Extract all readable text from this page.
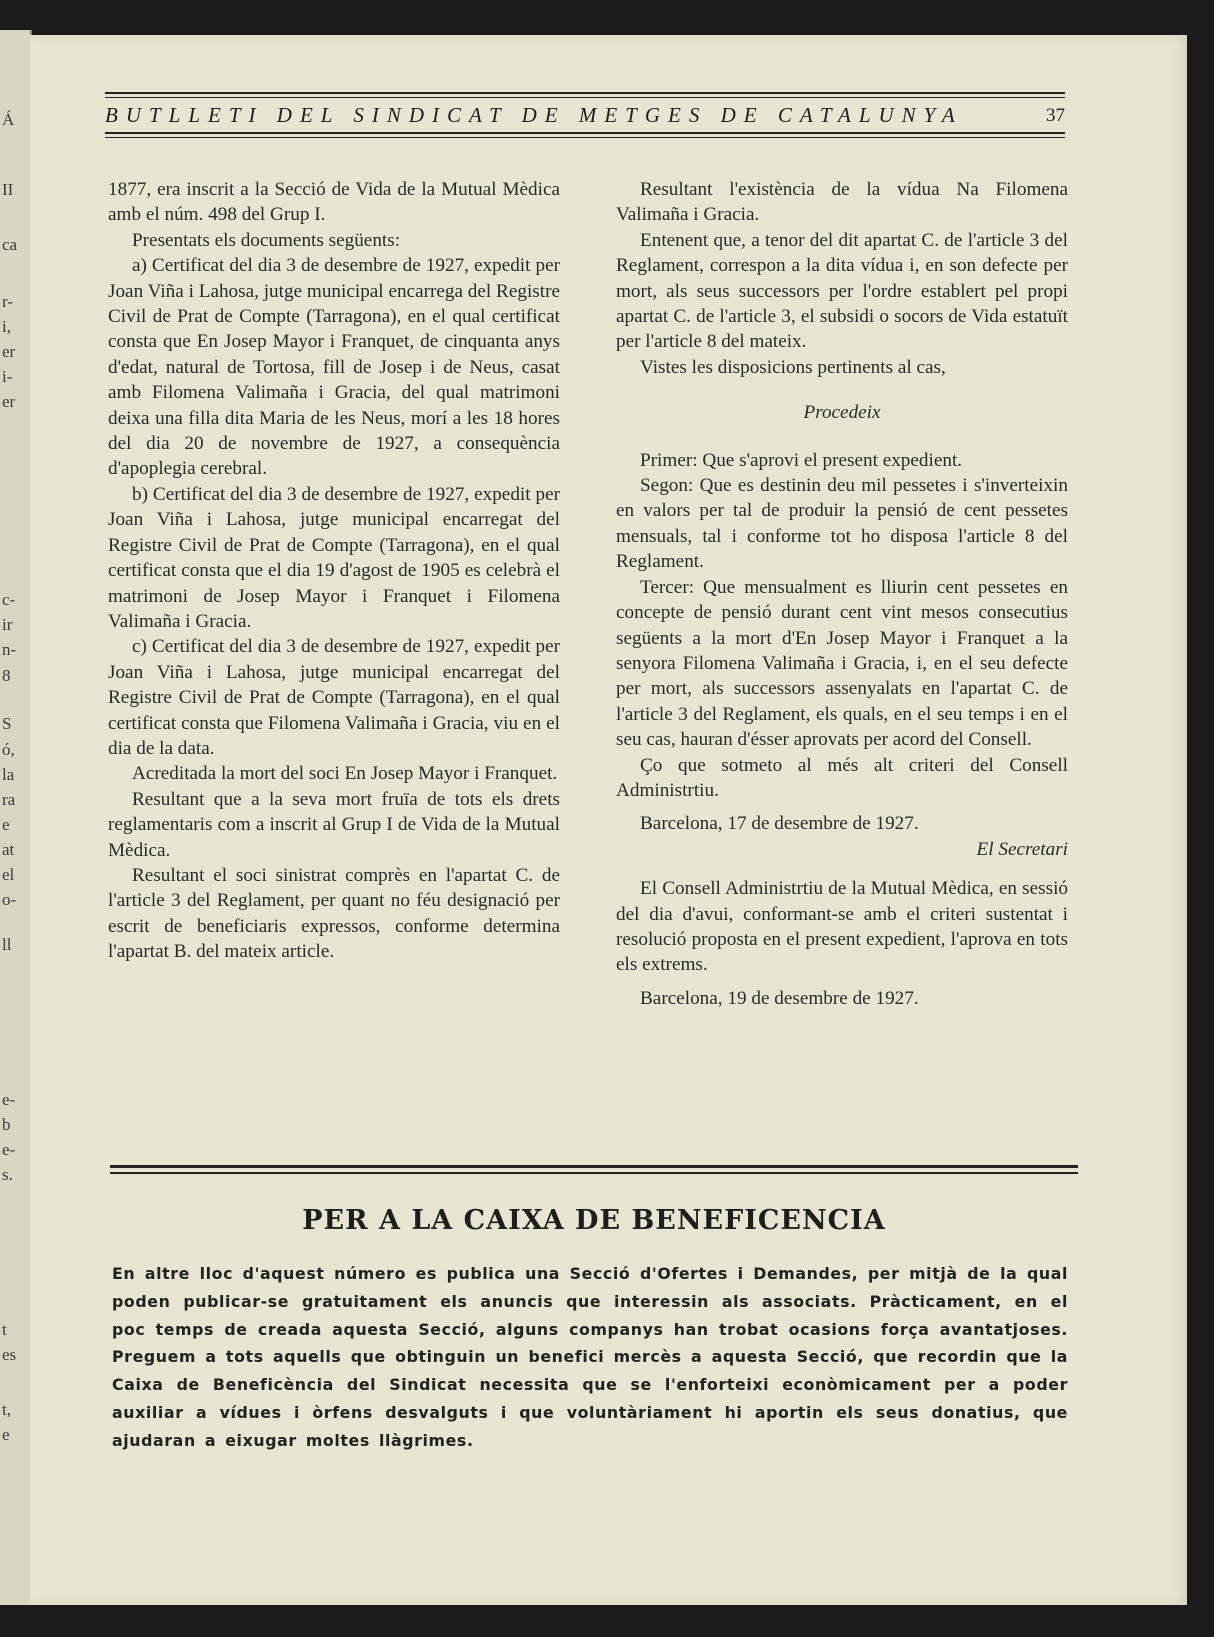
Á
II
ca
r-
i,
er
i-
er
c-
ir
n-
8
S
ó,
la
ra
e
at
el
o-
ll
e-
b
e-
s.
t
es
t,
e
BUTLLETI DEL SINDICAT DE METGES DE CATALUNYA	37

1877, era inscrit a la Secció de Vida de la Mutual Mèdica amb el núm. 498 del Grup I.

Presentats els documents següents:

a) Certificat del dia 3 de desembre de 1927, expedit per Joan Viña i Lahosa, jutge municipal encarrega del Registre Civil de Prat de Compte (Tarragona), en el qual certificat consta que En Josep Mayor i Franquet, de cinquanta anys d'edat, natural de Tortosa, fill de Josep i de Neus, casat amb Filomena Valimaña i Gracia, del qual matrimoni deixa una filla dita Maria de les Neus, morí a les 18 hores del dia 20 de novembre de 1927, a consequència d'apoplegia cerebral.

b) Certificat del dia 3 de desembre de 1927, expedit per Joan Viña i Lahosa, jutge municipal encarregat del Registre Civil de Prat de Compte (Tarragona), en el qual certificat consta que el dia 19 d'agost de 1905 es celebrà el matrimoni de Josep Mayor i Franquet i Filomena Valimaña i Gracia.

c) Certificat del dia 3 de desembre de 1927, expedit per Joan Viña i Lahosa, jutge municipal encarregat del Registre Civil de Prat de Compte (Tarragona), en el qual certificat consta que Filomena Valimaña i Gracia, viu en el dia de la data.

Acreditada la mort del soci En Josep Mayor i Franquet.

Resultant que a la seva mort fruïa de tots els drets reglamentaris com a inscrit al Grup I de Vida de la Mutual Mèdica.

Resultant el soci sinistrat comprès en l'apartat C. de l'article 3 del Reglament, per quant no féu designació per escrit de beneficiaris expressos, conforme determina l'apartat B. del mateix article.

Resultant l'existència de la vídua Na Filomena Valimaña i Gracia.

Entenent que, a tenor del dit apartat C. de l'article 3 del Reglament, correspon a la dita vídua i, en son defecte per mort, als seus successors per l'ordre establert pel propi apartat C. de l'article 3, el subsidi o socors de Vida estatuït per l'article 8 del mateix.

Vistes les disposicions pertinents al cas,

Procedeix

Primer: Que s'aprovi el present expedient.

Segon: Que es destinin deu mil pessetes i s'inverteixin en valors per tal de produir la pensió de cent pessetes mensuals, tal i conforme tot ho disposa l'article 8 del Reglament.

Tercer: Que mensualment es lliurin cent pessetes en concepte de pensió durant cent vint mesos consecutius següents a la mort d'En Josep Mayor i Franquet a la senyora Filomena Valimaña i Gracia, i, en el seu defecte per mort, als successors assenyalats en l'apartat C. de l'article 3 del Reglament, els quals, en el seu temps i en el seu cas, hauran d'ésser aprovats per acord del Consell.

Ço que sotmeto al més alt criteri del Consell Administrtiu.

Barcelona, 17 de desembre de 1927.

El Secretari

El Consell Administrtiu de la Mutual Mèdica, en sessió del dia d'avui, conformant-se amb el criteri sustentat i resolució proposta en el present expedient, l'aprova en tots els extrems.

Barcelona, 19 de desembre de 1927.

PER A LA CAIXA DE BENEFICENCIA
En altre lloc d'aquest número es publica una Secció d'Ofertes i Demandes, per mitjà de la qual poden publicar-se gratuitament els anuncis que interessin als associats. Pràcticament, en el poc temps de creada aquesta Secció, alguns companys han trobat ocasions força avantatjoses. Preguem a tots aquells que obtinguin un benefici mercès a aquesta Secció, que recordin que la Caixa de Beneficència del Sindicat necessita que se l'enforteixi econòmicament per a poder auxiliar a vídues i òrfens desvalguts i que voluntàriament hi aportin els seus donatius, que ajudaran a eixugar moltes llàgrimes.
